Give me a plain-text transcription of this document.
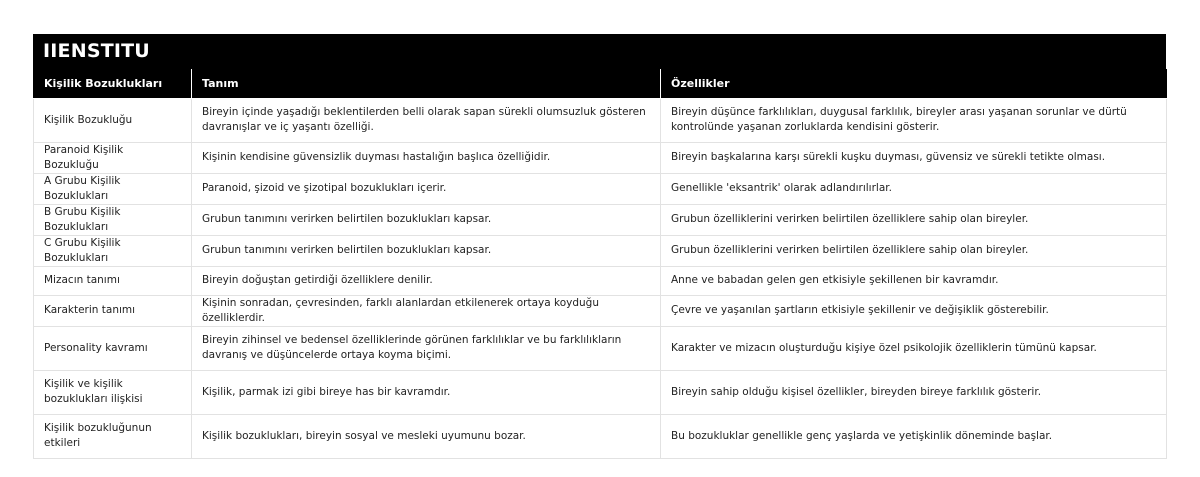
IIENSTITU
Kişilik Bozuklukları	Tanım	Özellikler
Kişilik Bozukluğu	Bireyin içinde yaşadığı beklentilerden belli olarak sapan sürekli olumsuzluk gösteren davranışlar ve iç yaşantı özelliği.	Bireyin düşünce farklılıkları, duygusal farklılık, bireyler arası yaşanan sorunlar ve dürtü kontrolünde yaşanan zorluklarda kendisini gösterir.
Paranoid Kişilik Bozukluğu	Kişinin kendisine güvensizlik duyması hastalığın başlıca özelliğidir.	Bireyin başkalarına karşı sürekli kuşku duyması, güvensiz ve sürekli tetikte olması.
A Grubu Kişilik Bozuklukları	Paranoid, şizoid ve şizotipal bozuklukları içerir.	Genellikle 'eksantrik' olarak adlandırılırlar.
B Grubu Kişilik Bozuklukları	Grubun tanımını verirken belirtilen bozuklukları kapsar.	Grubun özelliklerini verirken belirtilen özelliklere sahip olan bireyler.
C Grubu Kişilik Bozuklukları	Grubun tanımını verirken belirtilen bozuklukları kapsar.	Grubun özelliklerini verirken belirtilen özelliklere sahip olan bireyler.
Mizacın tanımı	Bireyin doğuştan getirdiği özelliklere denilir.	Anne ve babadan gelen gen etkisiyle şekillenen bir kavramdır.
Karakterin tanımı	Kişinin sonradan, çevresinden, farklı alanlardan etkilenerek ortaya koyduğu özelliklerdir.	Çevre ve yaşanılan şartların etkisiyle şekillenir ve değişiklik gösterebilir.
Personality kavramı	Bireyin zihinsel ve bedensel özelliklerinde görünen farklılıklar ve bu farklılıkların davranış ve düşüncelerde ortaya koyma biçimi.	Karakter ve mizacın oluşturduğu kişiye özel psikolojik özelliklerin tümünü kapsar.
Kişilik ve kişilik bozuklukları ilişkisi	Kişilik, parmak izi gibi bireye has bir kavramdır.	Bireyin sahip olduğu kişisel özellikler, bireyden bireye farklılık gösterir.
Kişilik bozukluğunun etkileri	Kişilik bozuklukları, bireyin sosyal ve mesleki uyumunu bozar.	Bu bozukluklar genellikle genç yaşlarda ve yetişkinlik döneminde başlar.
